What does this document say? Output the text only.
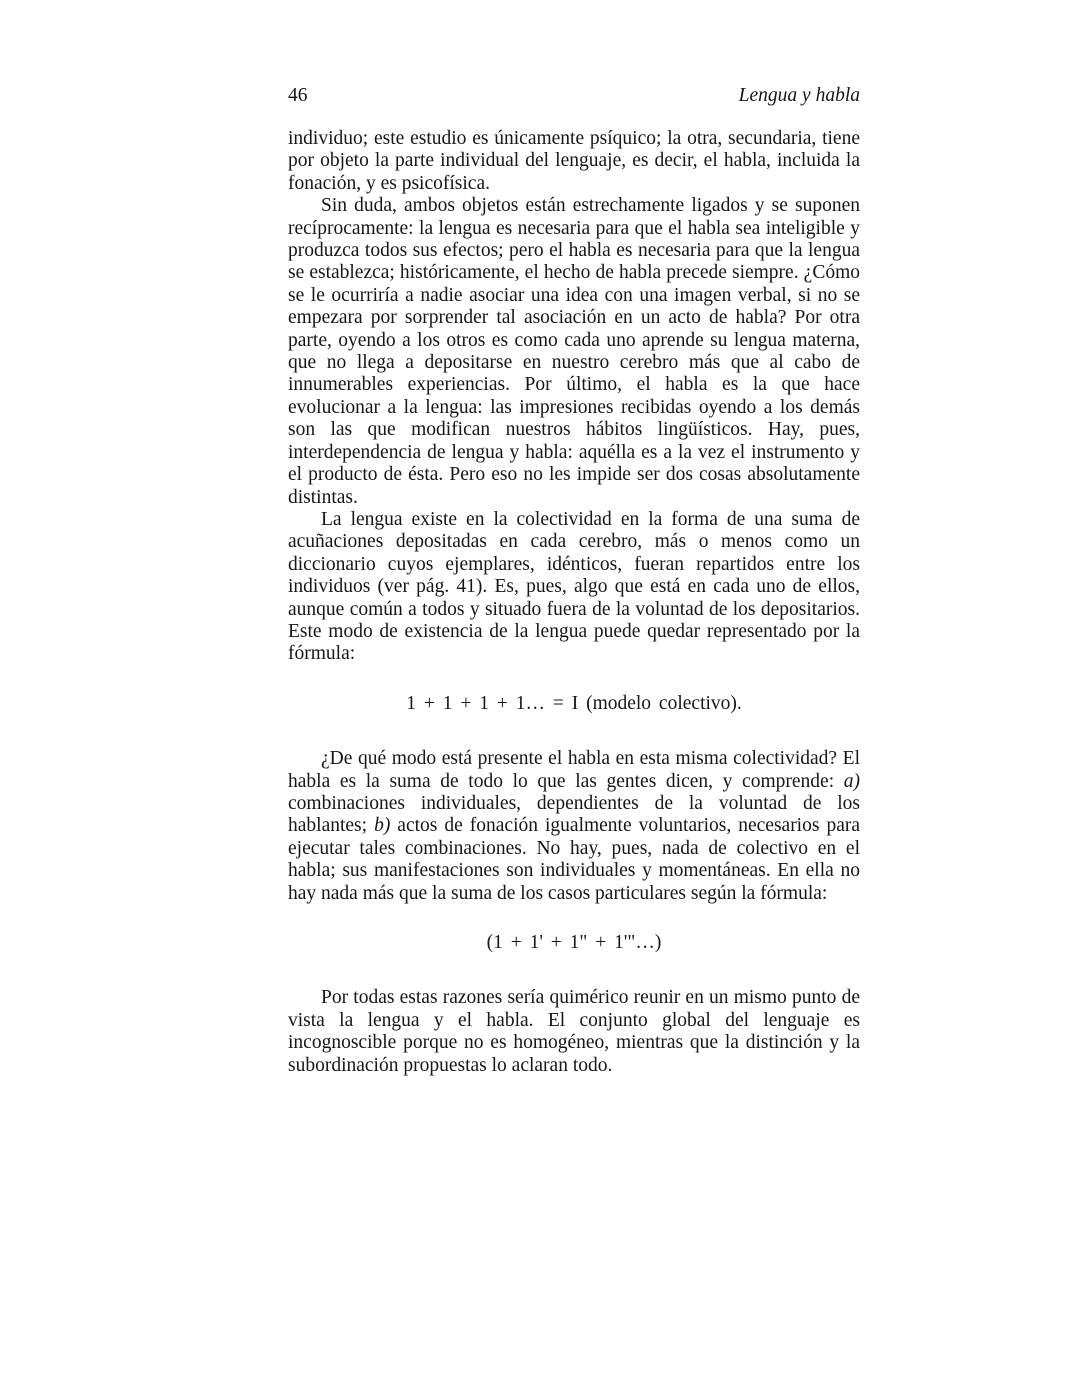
46	Lengua y habla

individuo; este estudio es únicamente psíquico; la otra, secundaria, tiene por objeto la parte individual del lenguaje, es decir, el habla, incluida la fonación, y es psicofísica.

Sin duda, ambos objetos están estrechamente ligados y se suponen recíprocamente: la lengua es necesaria para que el habla sea inteligible y produzca todos sus efectos; pero el habla es necesaria para que la lengua se establezca; históricamente, el hecho de habla precede siempre. ¿Cómo se le ocurriría a nadie asociar una idea con una imagen verbal, si no se empezara por sorprender tal asociación en un acto de habla? Por otra parte, oyendo a los otros es como cada uno aprende su lengua materna, que no llega a depositarse en nuestro cerebro más que al cabo de innumerables experiencias. Por último, el habla es la que hace evolucionar a la lengua: las impresiones recibidas oyendo a los demás son las que modifican nuestros hábitos lingüísticos. Hay, pues, interdependencia de lengua y habla: aquélla es a la vez el instrumento y el producto de ésta. Pero eso no les impide ser dos cosas absolutamente distintas.

La lengua existe en la colectividad en la forma de una suma de acuñaciones depositadas en cada cerebro, más o menos como un diccionario cuyos ejemplares, idénticos, fueran repartidos entre los individuos (ver pág. 41). Es, pues, algo que está en cada uno de ellos, aunque común a todos y situado fuera de la voluntad de los depositarios. Este modo de existencia de la lengua puede quedar representado por la fórmula:

1 + 1 + 1 + 1… = I (modelo colectivo).

¿De qué modo está presente el habla en esta misma colectividad? El habla es la suma de todo lo que las gentes dicen, y comprende: a) combinaciones individuales, dependientes de la voluntad de los hablantes; b) actos de fonación igualmente voluntarios, necesarios para ejecutar tales combinaciones. No hay, pues, nada de colectivo en el habla; sus manifestaciones son individuales y momentáneas. En ella no hay nada más que la suma de los casos particulares según la fórmula:

(1 + 1' + 1" + 1'"…)

Por todas estas razones sería quimérico reunir en un mismo punto de vista la lengua y el habla. El conjunto global del lenguaje es incognoscible porque no es homogéneo, mientras que la distinción y la subordinación propuestas lo aclaran todo.
